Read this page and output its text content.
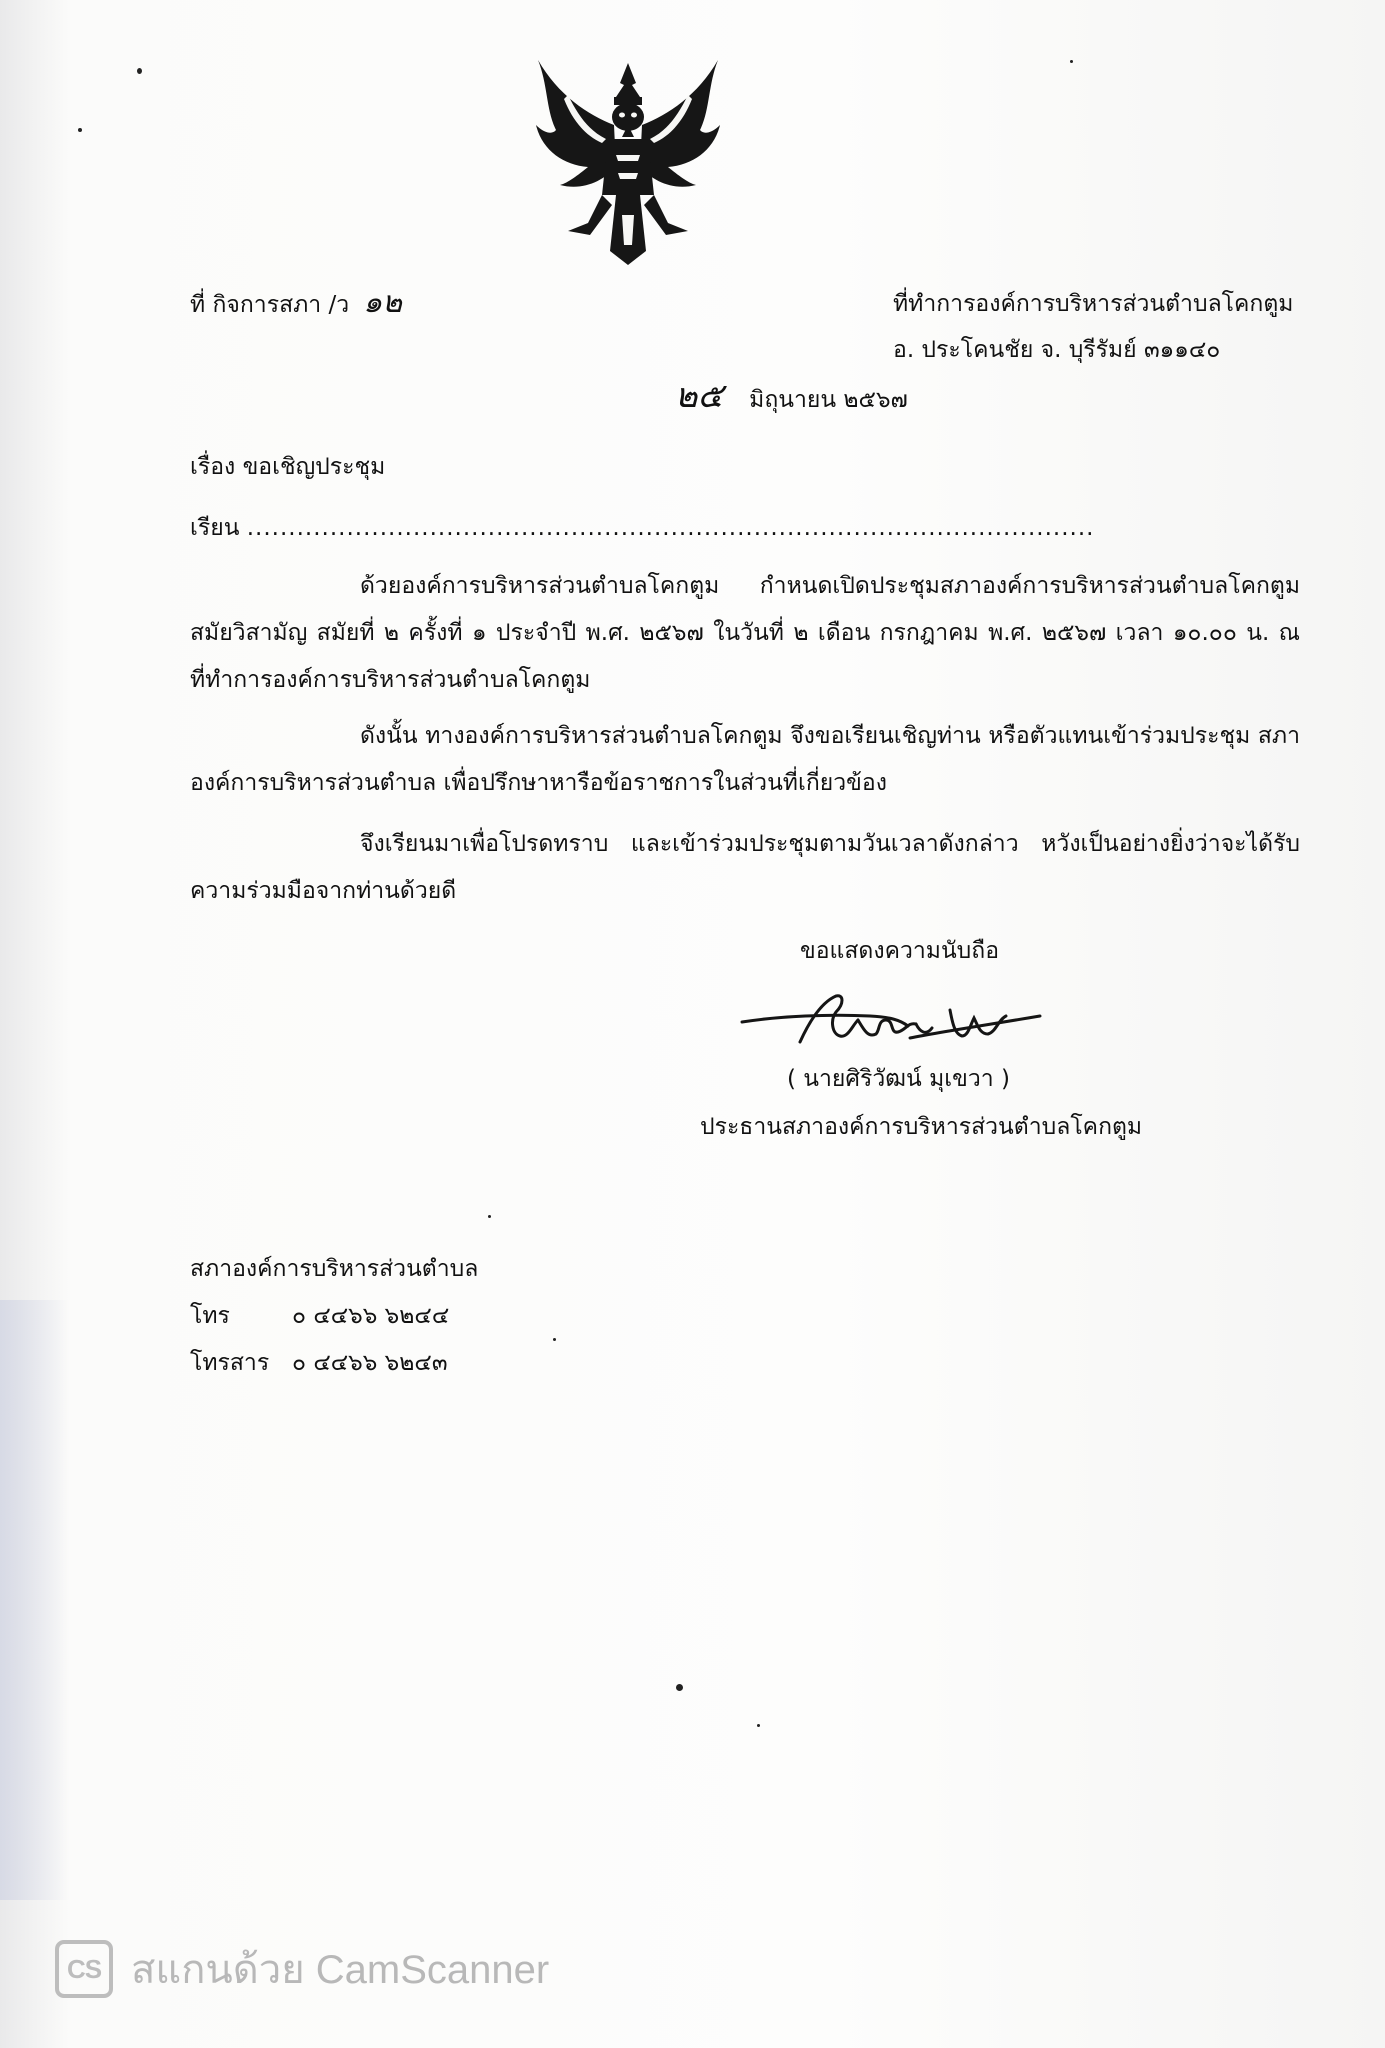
ที่ กิจการสภา /ว ๑๒	ที่ทำการองค์การบริหารส่วนตำบลโคกตูม
อ. ประโคนชัย จ. บุรีรัมย์ ๓๑๑๔๐
๒๕ มิถุนายน ๒๕๖๗
เรื่อง ขอเชิญประชุม
เรียน ......................................................................................................

ด้วยองค์การบริหารส่วนตำบลโคกตูม กำหนดเปิดประชุมสภาองค์การบริหารส่วนตำบลโคกตูม สมัยวิสามัญ สมัยที่ ๒ ครั้งที่ ๑ ประจำปี พ.ศ. ๒๕๖๗ ในวันที่ ๒ เดือน กรกฎาคม พ.ศ. ๒๕๖๗ เวลา ๑๐.๐๐ น. ณ ที่ทำการองค์การบริหารส่วนตำบลโคกตูม

ดังนั้น ทางองค์การบริหารส่วนตำบลโคกตูม จึงขอเรียนเชิญท่าน หรือตัวแทนเข้าร่วมประชุม สภาองค์การบริหารส่วนตำบล เพื่อปรึกษาหารือข้อราชการในส่วนที่เกี่ยวข้อง

จึงเรียนมาเพื่อโปรดทราบ และเข้าร่วมประชุมตามวันเวลาดังกล่าว หวังเป็นอย่างยิ่งว่าจะได้รับ ความร่วมมือจากท่านด้วยดี

ขอแสดงความนับถือ
( นายศิริวัฒน์ มุเขวา )
ประธานสภาองค์การบริหารส่วนตำบลโคกตูม
สภาองค์การบริหารส่วนตำบล
โทร	๐ ๔๔๖๖ ๖๒๔๔
โทรสาร ๐ ๔๔๖๖ ๖๒๔๓
CS สแกนด้วย CamScanner
